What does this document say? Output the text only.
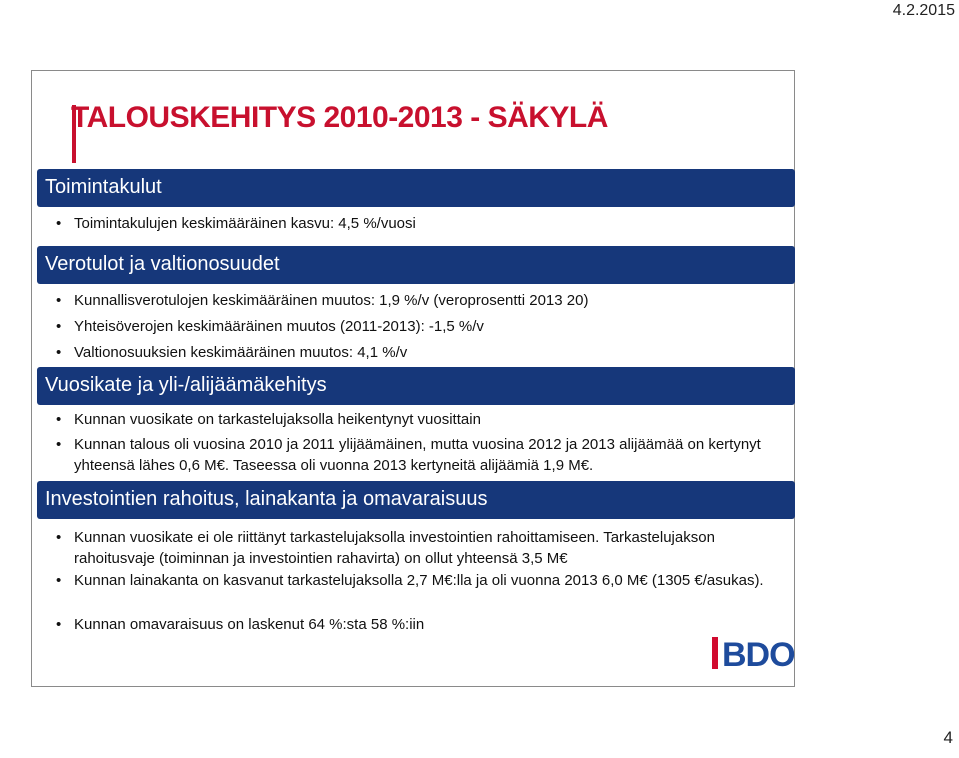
4.2.2015
TALOUSKEHITYS 2010-2013 - SÄKYLÄ
Toimintakulut
• Toimintakulujen keskimääräinen kasvu: 4,5 %/vuosi
Verotulot ja valtionosuudet
• Kunnallisverotulojen keskimääräinen muutos: 1,9 %/v (veroprosentti 2013 20)
• Yhteisöverojen keskimääräinen muutos (2011-2013): -1,5 %/v
• Valtionosuuksien keskimääräinen muutos: 4,1 %/v
Vuosikate ja yli-/alijäämäkehitys
• Kunnan vuosikate on tarkastelujaksolla heikentynyt vuosittain
• Kunnan talous oli vuosina 2010 ja 2011 ylijäämäinen, mutta vuosina 2012 ja 2013 alijäämää on kertynyt yhteensä lähes 0,6 M€. Taseessa oli vuonna 2013 kertyneitä alijäämiä 1,9 M€.
Investointien rahoitus, lainakanta ja omavaraisuus
• Kunnan vuosikate ei ole riittänyt tarkastelujaksolla investointien rahoittamiseen. Tarkastelujakson rahoitusvaje (toiminnan ja investointien rahavirta) on ollut yhteensä 3,5 M€
• Kunnan lainakanta on kasvanut tarkastelujaksolla 2,7 M€:lla ja oli vuonna 2013 6,0 M€ (1305 €/asukas).
• Kunnan omavaraisuus on laskenut 64 %:sta 58 %:iin
BDO
4
